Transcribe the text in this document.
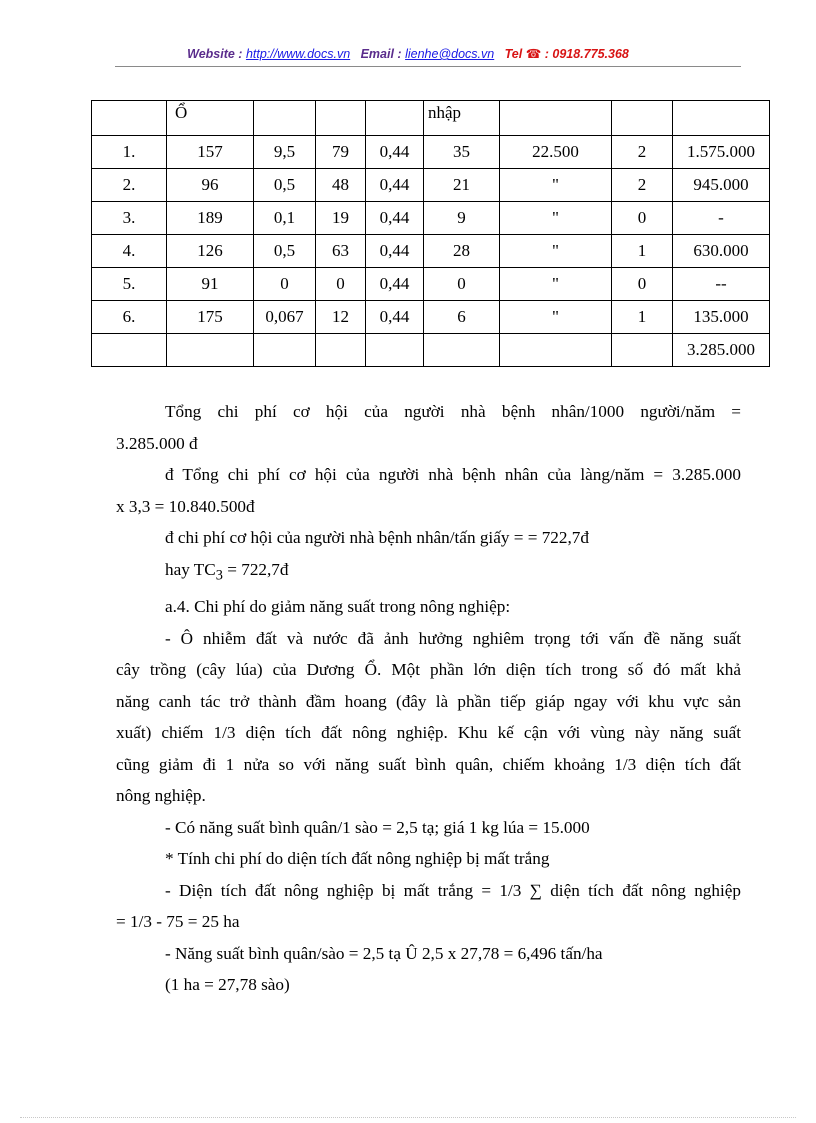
Website : http://www.docs.vn Email : lienhe@docs.vn Tel ☎ : 0918.775.368
	Ổ				nhập			
1.	157	9,5	79	0,44	35	22.500	2	1.575.000
2.	96	0,5	48	0,44	21	"	2	945.000
3.	189	0,1	19	0,44	9	"	0	-
4.	126	0,5	63	0,44	28	"	1	630.000
5.	91	0	0	0,44	0	"	0	--
6.	175	0,067	12	0,44	6	"	1	135.000
								3.285.000

Tổng chi phí cơ hội của người nhà bệnh nhân/1000 người/năm =

3.285.000 đ

đ Tổng chi phí cơ hội của người nhà bệnh nhân của làng/năm = 3.285.000

x 3,3 = 10.840.500đ

đ chi phí cơ hội của người nhà bệnh nhân/tấn giấy = = 722,7đ

hay $TC_3$ = 722,7đ

a.4. Chi phí do giảm năng suất trong nông nghiệp:

- Ô nhiễm đất và nước đã ảnh hưởng nghiêm trọng tới vấn đề năng suất

cây trồng (cây lúa) của Dương Ổ. Một phần lớn diện tích trong số đó mất khả

năng canh tác trở thành đầm hoang (đây là phần tiếp giáp ngay với khu vực sản

xuất) chiếm 1/3 diện tích đất nông nghiệp. Khu kế cận với vùng này năng suất

cũng giảm đi 1 nửa so với năng suất bình quân, chiếm khoảng 1/3 diện tích đất

nông nghiệp.

- Có năng suất bình quân/1 sào = 2,5 tạ; giá 1 kg lúa = 15.000

* Tính chi phí do diện tích đất nông nghiệp bị mất trắng

- Diện tích đất nông nghiệp bị mất trắng = 1/3 ∑ diện tích đất nông nghiệp

= 1/3 - 75 = 25 ha

- Năng suất bình quân/sào = 2,5 tạ Û 2,5 x 27,78 = 6,496 tấn/ha

(1 ha = 27,78 sào)
